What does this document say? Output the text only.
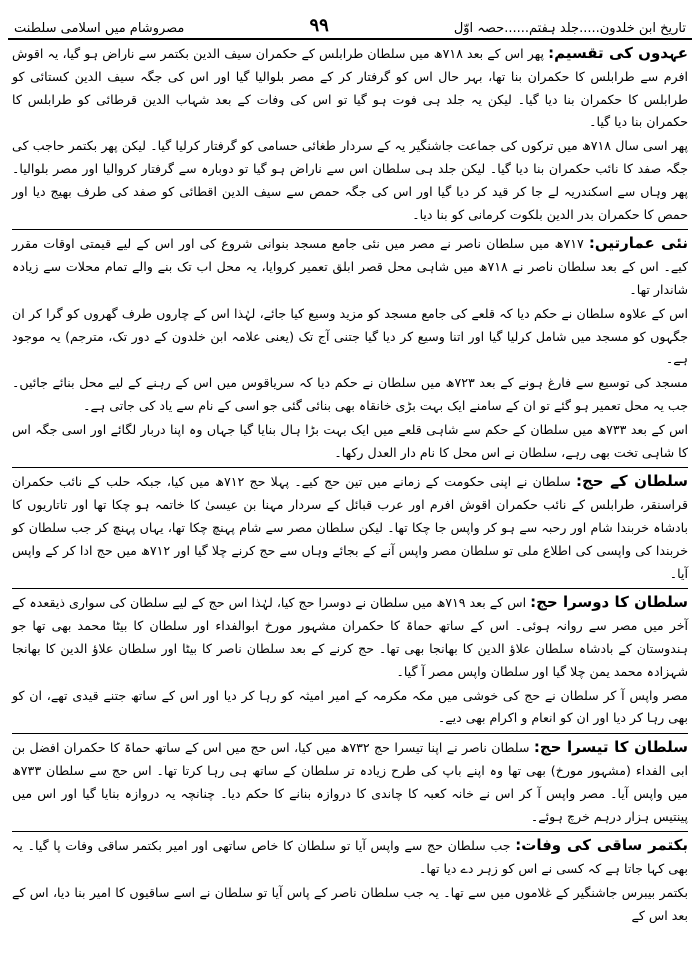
تاریخ ابن خلدون.....جلد ہفتم......حصہ اوّل
۹۹
مصروشام میں اسلامی سلطنت

عہدوں کی تقسیم: پھر اس کے بعد ۷۱۸ھ میں سلطان طرابلس کے حکمران سیف الدین بکتمر سے ناراض ہو گیا، یہ اقوش افرم سے طرابلس کا حکمران بنا تھا، بہر حال اس کو گرفتار کر کے مصر بلوالیا گیا اور اس کی جگہ سیف الدین کستائی کو طرابلس کا حکمران بنا دیا گیا۔ لیکن یہ جلد ہی فوت ہو گیا تو اس کی وفات کے بعد شہاب الدین قرطائی کو طرابلس کا حکمران بنا دیا گیا۔

پھر اسی سال ۷۱۸ھ میں ترکوں کی جماعت جاشنگیر یہ کے سردار طغائی حسامی کو گرفتار کرلیا گیا۔ لیکن پھر بکتمر حاجب کی جگہ صفد کا نائب حکمران بنا دیا گیا۔ لیکن جلد ہی سلطان اس سے ناراض ہو گیا تو دوبارہ سے گرفتار کروالیا اور مصر بلوالیا۔ پھر وہاں سے اسکندریہ لے جا کر قید کر دیا گیا اور اس کی جگہ حمص سے سیف الدین اقطائی کو صفد کی طرف بھیج دیا اور حمص کا حکمران بدر الدین بلکوت کرمانی کو بنا دیا۔

نئی عمارتیں: ۷۱۷ھ میں سلطان ناصر نے مصر میں نئی جامع مسجد بنوانی شروع کی اور اس کے لیے قیمتی اوقات مقرر کیے۔ اس کے بعد سلطان ناصر نے ۷۱۸ھ میں شاہی محل قصر ابلق تعمیر کروایا، یہ محل اب تک بنے والے تمام محلات سے زیادہ شاندار تھا۔

اس کے علاوہ سلطان نے حکم دیا کہ قلعے کی جامع مسجد کو مزید وسیع کیا جائے، لہٰذا اس کے چاروں طرف گھروں کو گرا کر ان جگہوں کو مسجد میں شامل کرلیا گیا اور اتنا وسیع کر دیا گیا جتنی آج تک (یعنی علامہ ابن خلدون کے دور تک، مترجم) یہ موجود ہے۔

مسجد کی توسیع سے فارغ ہونے کے بعد ۷۲۳ھ میں سلطان نے حکم دیا کہ سریاقوس میں اس کے رہنے کے لیے محل بنائے جائیں۔ جب یہ محل تعمیر ہو گئے تو ان کے سامنے ایک بہت بڑی خانقاہ بھی بنائی گئی جو اسی کے نام سے یاد کی جاتی ہے۔

اس کے بعد ۷۳۳ھ میں سلطان کے حکم سے شاہی قلعے میں ایک بہت بڑا ہال بنایا گیا جہاں وہ اپنا دربار لگائے اور اسی جگہ اس کا شاہی تخت بھی رہے، سلطان نے اس محل کا نام دار العدل رکھا۔

سلطان کے حج: سلطان نے اپنی حکومت کے زمانے میں تین حج کیے۔ پہلا حج ۷۱۲ھ میں کیا، جبکہ حلب کے نائب حکمران قراسنقر، طرابلس کے نائب حکمران اقوش افرم اور عرب قبائل کے سردار مہنا بن عیسیٰ کا خاتمہ ہو چکا تھا اور تاتاریوں کا بادشاہ خربندا شام اور رحبہ سے ہو کر واپس جا چکا تھا۔ لیکن سلطان مصر سے شام پہنچ چکا تھا، یہاں پہنچ کر جب سلطان کو خربندا کی واپسی کی اطلاع ملی تو سلطان مصر واپس آنے کے بجائے وہاں سے حج کرنے چلا گیا اور ۷۱۲ھ میں حج ادا کر کے واپس آیا۔

سلطان کا دوسرا حج: اس کے بعد ۷۱۹ھ میں سلطان نے دوسرا حج کیا، لہٰذا اس حج کے لیے سلطان کی سواری ذیقعدہ کے آخر میں مصر سے روانہ ہوئی۔ اس کے ساتھ حماۃ کا حکمران مشہور مورخ ابوالفداء اور سلطان کا بیٹا محمد بھی تھا جو ہندوستان کے بادشاہ سلطان علاؤ الدین کا بھانجا بھی تھا۔ حج کرنے کے بعد سلطان ناصر کا بیٹا اور سلطان علاؤ الدین کا بھانجا شہزادہ محمد یمن چلا گیا اور سلطان واپس مصر آ گیا۔

مصر واپس آ کر سلطان نے حج کی خوشی میں مکہ مکرمہ کے امیر امیثہ کو رہا کر دیا اور اس کے ساتھ جتنے قیدی تھے، ان کو بھی رہا کر دیا اور ان کو انعام و اکرام بھی دیے۔

سلطان کا تیسرا حج: سلطان ناصر نے اپنا تیسرا حج ۷۳۲ھ میں کیا، اس حج میں اس کے ساتھ حماۃ کا حکمران افضل بن ابی الفداء (مشہور مورخ) بھی تھا وہ اپنے باپ کی طرح زیادہ تر سلطان کے ساتھ ہی رہا کرتا تھا۔ اس حج سے سلطان ۷۳۳ھ میں واپس آیا۔ مصر واپس آ کر اس نے خانہ کعبہ کا چاندی کا دروازہ بنانے کا حکم دیا۔ چنانچہ یہ دروازہ بنایا گیا اور اس میں پینتیس ہزار درہم خرچ ہوئے۔

بکتمر ساقی کی وفات: جب سلطان حج سے واپس آیا تو سلطان کا خاص ساتھی اور امیر بکتمر ساقی وفات پا گیا۔ یہ بھی کہا جاتا ہے کہ کسی نے اس کو زہر دے دیا تھا۔

بکتمر بیبرس جاشنگیر کے غلاموں میں سے تھا۔ یہ جب سلطان ناصر کے پاس آیا تو سلطان نے اسے ساقیوں کا امیر بنا دیا، اس کے بعد اس کے
